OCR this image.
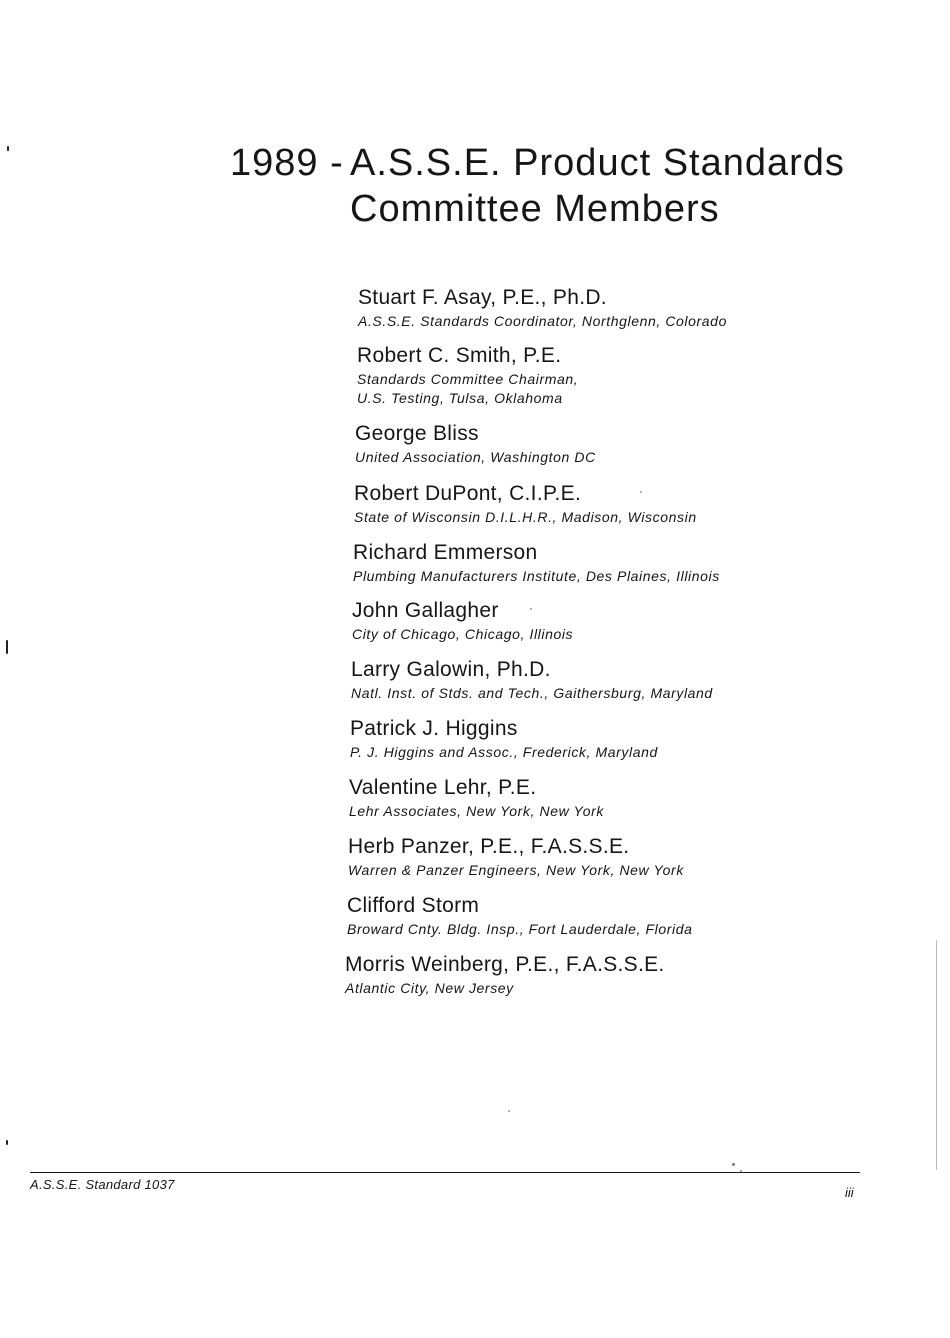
1989 - A.S.S.E. Product Standards
Committee Members
Stuart F. Asay, P.E., Ph.D.
A.S.S.E. Standards Coordinator, Northglenn, Colorado
Robert C. Smith, P.E.
Standards Committee Chairman,
U.S. Testing, Tulsa, Oklahoma
George Bliss
United Association, Washington DC
Robert DuPont, C.I.P.E.
State of Wisconsin D.I.L.H.R., Madison, Wisconsin
Richard Emmerson
Plumbing Manufacturers Institute, Des Plaines, Illinois
John Gallagher
City of Chicago, Chicago, Illinois
Larry Galowin, Ph.D.
Natl. Inst. of Stds. and Tech., Gaithersburg, Maryland
Patrick J. Higgins
P. J. Higgins and Assoc., Frederick, Maryland
Valentine Lehr, P.E.
Lehr Associates, New York, New York
Herb Panzer, P.E., F.A.S.S.E.
Warren & Panzer Engineers, New York, New York
Clifford Storm
Broward Cnty. Bldg. Insp., Fort Lauderdale, Florida
Morris Weinberg, P.E., F.A.S.S.E.
Atlantic City, New Jersey
A.S.S.E. Standard 1037
iii
